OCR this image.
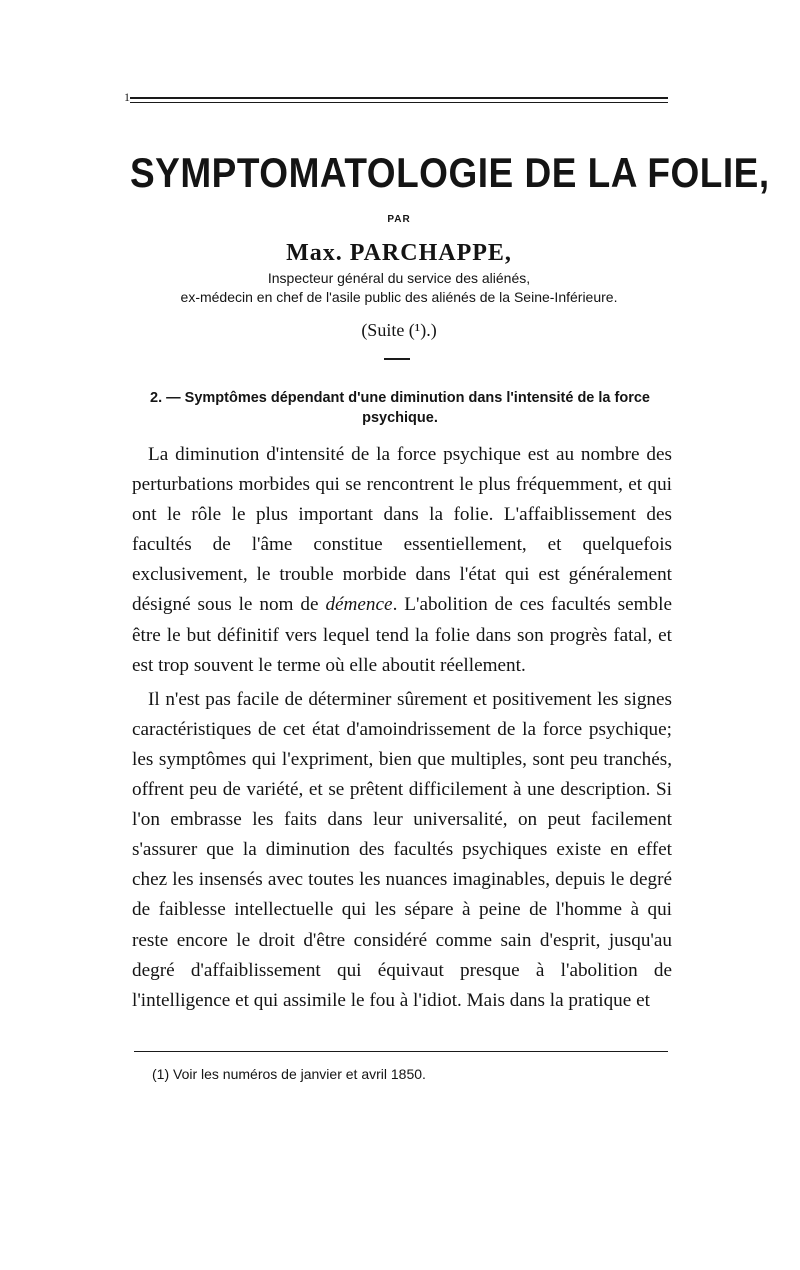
1
SYMPTOMATOLOGIE DE LA FOLIE,
PAR
Max. PARCHAPPE,
Inspecteur général du service des aliénés,
ex-médecin en chef de l'asile public des aliénés de la Seine-Inférieure.
(Suite (¹).)
2. — Symptômes dépendant d'une diminution dans l'intensité de la force psychique.

La diminution d'intensité de la force psychique est au nombre des perturbations morbides qui se rencontrent le plus fréquemment, et qui ont le rôle le plus important dans la folie. L'affaiblissement des facultés de l'âme constitue essentiellement, et quelquefois exclusivement, le trouble morbide dans l'état qui est généralement désigné sous le nom de démence. L'abolition de ces facultés semble être le but définitif vers lequel tend la folie dans son progrès fatal, et est trop souvent le terme où elle aboutit réellement.

Il n'est pas facile de déterminer sûrement et positivement les signes caractéristiques de cet état d'amoindrissement de la force psychique; les symptômes qui l'expriment, bien que multiples, sont peu tranchés, offrent peu de variété, et se prêtent difficilement à une description. Si l'on embrasse les faits dans leur universalité, on peut facilement s'assurer que la diminution des facultés psychiques existe en effet chez les insensés avec toutes les nuances imaginables, depuis le degré de faiblesse intellectuelle qui les sépare à peine de l'homme à qui reste encore le droit d'être considéré comme sain d'esprit, jusqu'au degré d'affaiblissement qui équivaut presque à l'abolition de l'intelligence et qui assimile le fou à l'idiot. Mais dans la pratique et

(1) Voir les numéros de janvier et avril 1850.
